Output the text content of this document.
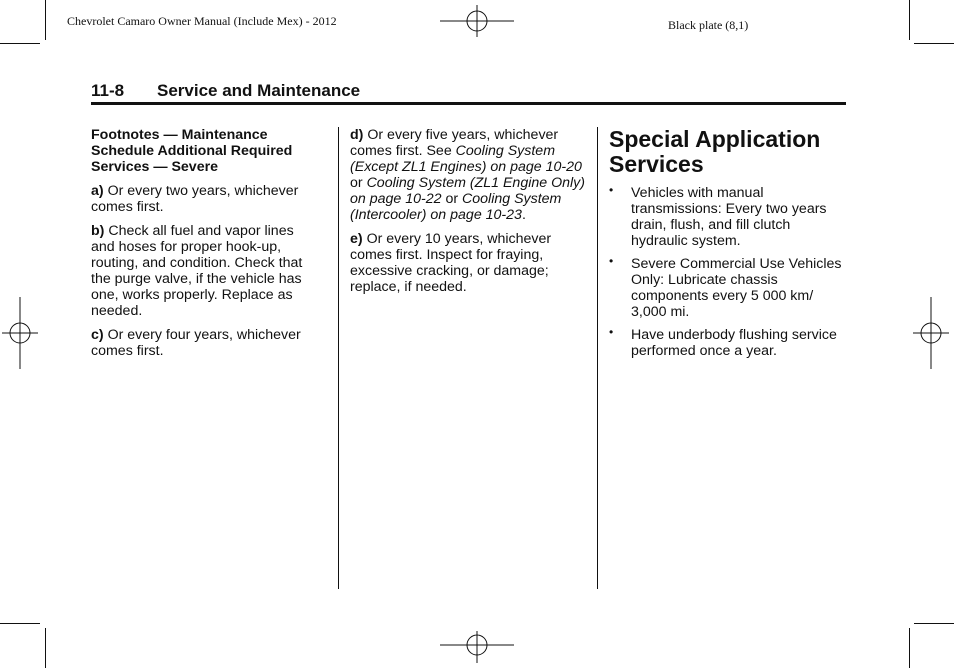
Chevrolet Camaro Owner Manual (Include Mex) - 2012	Black plate (8,1)
11-8 Service and Maintenance

Footnotes — Maintenance Schedule Additional Required Services — Severe

a) Or every two years, whichever comes first.

b) Check all fuel and vapor lines and hoses for proper hook-up, routing, and condition. Check that the purge valve, if the vehicle has one, works properly. Replace as needed.

c) Or every four years, whichever comes first.

d) Or every five years, whichever comes first. See Cooling System (Except ZL1 Engines) on page 10-20 or Cooling System (ZL1 Engine Only) on page 10-22 or Cooling System (Intercooler) on page 10-23.

e) Or every 10 years, whichever comes first. Inspect for fraying, excessive cracking, or damage; replace, if needed.

Special Application Services
• Vehicles with manual transmissions: Every two years drain, flush, and fill clutch hydraulic system.
• Severe Commercial Use Vehicles Only: Lubricate chassis components every 5 000 km/ 3,000 mi.
• Have underbody flushing service performed once a year.
